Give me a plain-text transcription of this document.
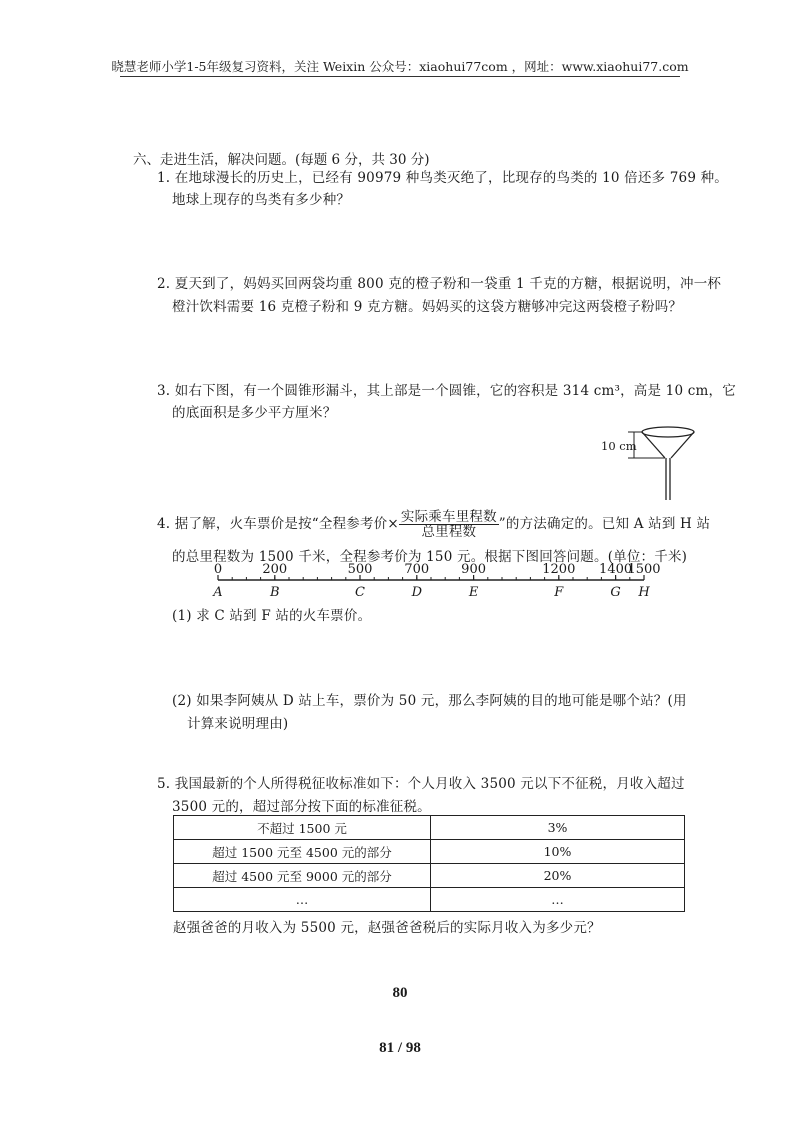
晓慧老师小学1-5年级复习资料，关注 Weixin 公众号：xiaohui77com ，网址：www.xiaohui77.com
六、走进生活，解决问题。(每题 6 分，共 30 分)
1. 在地球漫长的历史上，已经有 90979 种鸟类灭绝了，比现存的鸟类的 10 倍还多 769 种。
地球上现存的鸟类有多少种？
2. 夏天到了，妈妈买回两袋均重 800 克的橙子粉和一袋重 1 千克的方糖，根据说明，冲一杯
橙汁饮料需要 16 克橙子粉和 9 克方糖。妈妈买的这袋方糖够冲完这两袋橙子粉吗？
3. 如右下图，有一个圆锥形漏斗，其上部是一个圆锥，它的容积是 314 cm³，高是 10 cm，它
的底面积是多少平方厘米？
10 cm
4. 据了解，火车票价是按“全程参考价× $\frac{\text{实际乘车里程数}}{\text{总里程数}}$ ”的方法确定的。已知 A 站到 H 站
的总里程数为 1500 千米，全程参考价为 150 元。根据下图回答问题。(单位：千米)
0	200	500 700 900	1200 1400
1500
A	B	C	D	E	F	G H
(1) 求 C 站到 F 站的火车票价。
(2) 如果李阿姨从 D 站上车，票价为 50 元，那么李阿姨的目的地可能是哪个站？(用
计算来说明理由)
5. 我国最新的个人所得税征收标准如下：个人月收入 3500 元以下不征税，月收入超过
3500 元的，超过部分按下面的标准征税。
不超过 1500 元	3%
超过 1500 元至 4500 元的部分	10%
超过 4500 元至 9000 元的部分	20%
…	…
赵强爸爸的月收入为 5500 元，赵强爸爸税后的实际月收入为多少元？
80
81 / 98
